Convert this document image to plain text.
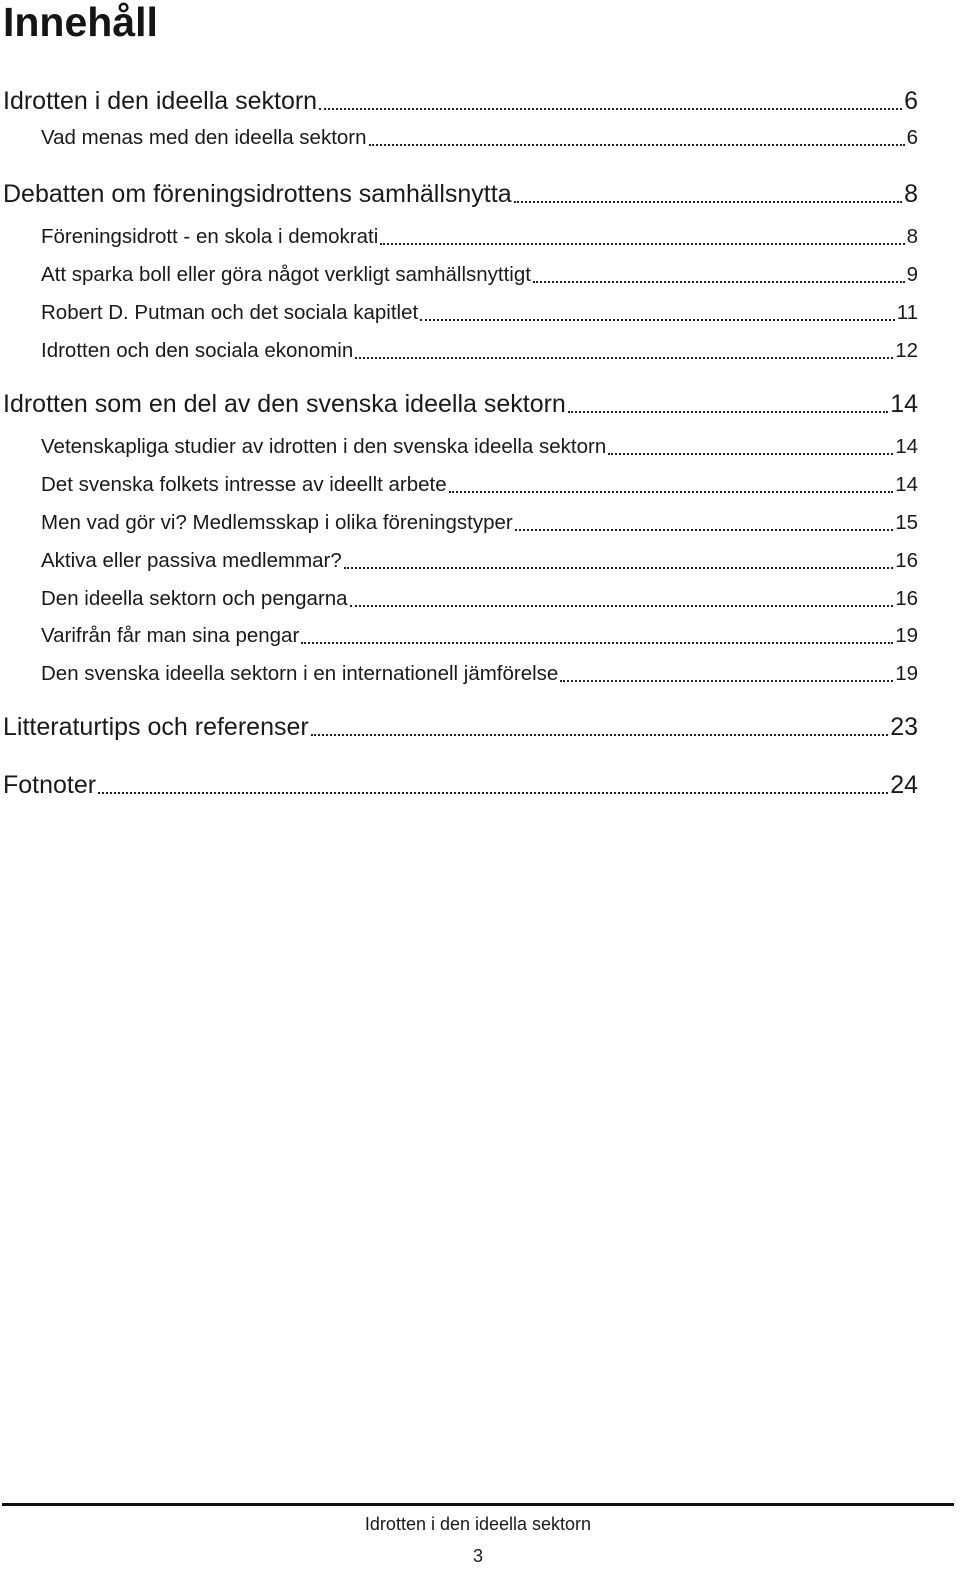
Innehåll
Idrotten i den ideella sektorn	6
Vad menas med den ideella sektorn	6
Debatten om föreningsidrottens samhällsnytta	8
Föreningsidrott - en skola i demokrati	8
Att sparka boll eller göra något verkligt samhällsnyttigt	9
Robert D. Putman och det sociala kapitlet	11
Idrotten och den sociala ekonomin	12
Idrotten som en del av den svenska ideella sektorn	14
Vetenskapliga studier av idrotten i den svenska ideella sektorn	14
Det svenska folkets intresse av ideellt arbete	14
Men vad gör vi? Medlemsskap i olika föreningstyper	15
Aktiva eller passiva medlemmar?	16
Den ideella sektorn och pengarna	16
Varifrån får man sina pengar	19
Den svenska ideella sektorn i en internationell jämförelse	19
Litteraturtips och referenser	23
Fotnoter	24
Idrotten i den ideella sektorn
3
